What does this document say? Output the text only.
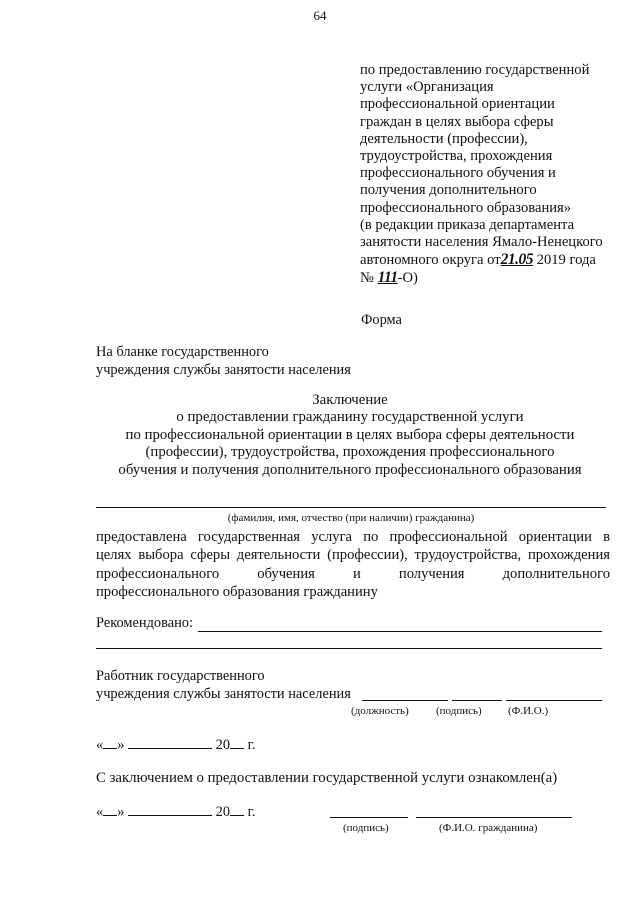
64
по предоставлению государственной
услуги «Организация
профессиональной ориентации
граждан в целях выбора сферы
деятельности (профессии),
трудоустройства, прохождения
профессионального обучения и
получения дополнительного
профессионального образования»
(в редакции приказа департамента
занятости населения Ямало-Ненецкого
автономного округа от21.05 2019 года
№ 111-О)
Форма
На бланке государственного
учреждения службы занятости населения
Заключение
о предоставлении гражданину государственной услуги
по профессиональной ориентации в целях выбора сферы деятельности
(профессии), трудоустройства, прохождения профессионального
обучения и получения дополнительного профессионального образования
(фамилия, имя, отчество (при наличии) гражданина)
предоставлена государственная услуга по профессиональной ориентации в
целях выбора сферы деятельности (профессии), трудоустройства, прохождения
профессионального обучения и получения дополнительного
профессионального образования гражданину
Рекомендовано:
Работник государственного
учреждения службы занятости населения
(должность) (подпись) (Ф.И.О.)
« »	20 г.
С заключением о предоставлении государственной услуги ознакомлен(а)
« »	20 г.
(подпись)	(Ф.И.О. гражданина)
